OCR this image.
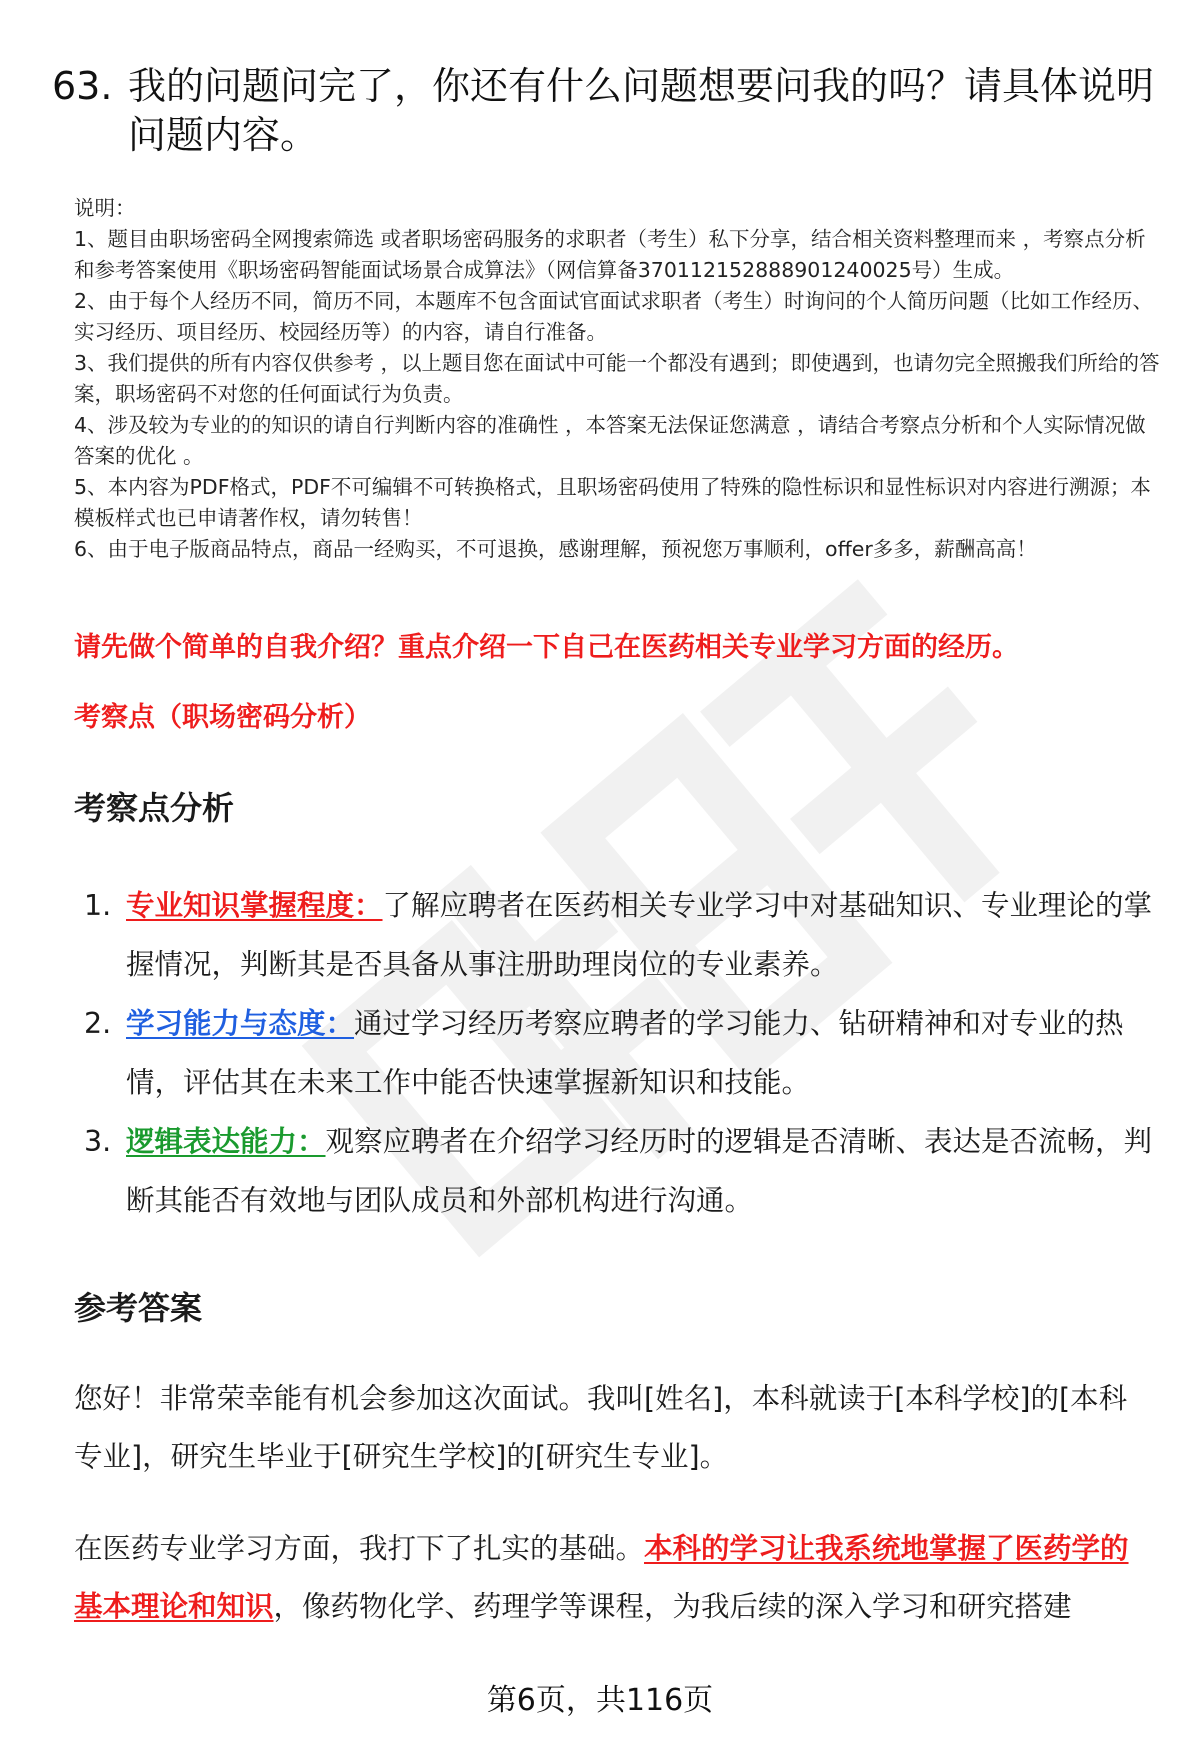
63. 我的问题问完了，你还有什么问题想要问我的吗？请具体说明问题内容。

说明：

1、题目由职场密码全网搜索筛选 或者职场密码服务的求职者（考生）私下分享，结合相关资料整理而来 ，考察点分析和参考答案使用《职场密码智能面试场景合成算法》（网信算备370112152888901240025号）生成。

2、由于每个人经历不同，简历不同，本题库不包含面试官面试求职者（考生）时询问的个人简历问题（比如工作经历、实习经历、项目经历、校园经历等）的内容，请自行准备。

3、我们提供的所有内容仅供参考 ，以上题目您在面试中可能一个都没有遇到；即使遇到，也请勿完全照搬我们所给的答案，职场密码不对您的任何面试行为负责。

4、涉及较为专业的的知识的请自行判断内容的准确性 ，本答案无法保证您满意 ，请结合考察点分析和个人实际情况做答案的优化 。

5、本内容为PDF格式，PDF不可编辑不可转换格式，且职场密码使用了特殊的隐性标识和显性标识对内容进行溯源；本模板样式也已申请著作权，请勿转售！

6、由于电子版商品特点，商品一经购买，不可退换，感谢理解，预祝您万事顺利，offer多多，薪酬高高！

请先做个简单的自我介绍？重点介绍一下自己在医药相关专业学习方面的经历。
考察点（职场密码分析）
考察点分析
1. 专业知识掌握程度：了解应聘者在医药相关专业学习中对基础知识、专业理论的掌握情况，判断其是否具备从事注册助理岗位的专业素养。
2. 学习能力与态度：通过学习经历考察应聘者的学习能力、钻研精神和对专业的热情，评估其在未来工作中能否快速掌握新知识和技能。
3. 逻辑表达能力：观察应聘者在介绍学习经历时的逻辑是否清晰、表达是否流畅，判断其能否有效地与团队成员和外部机构进行沟通。
参考答案
您好！非常荣幸能有机会参加这次面试。我叫[姓名]，本科就读于[本科学校]的[本科专业]，研究生毕业于[研究生学校]的[研究生专业]。
在医药专业学习方面，我打下了扎实的基础。本科的学习让我系统地掌握了医药学的基本理论和知识，像药物化学、药理学等课程，为我后续的深入学习和研究搭建
第6页，共116页
